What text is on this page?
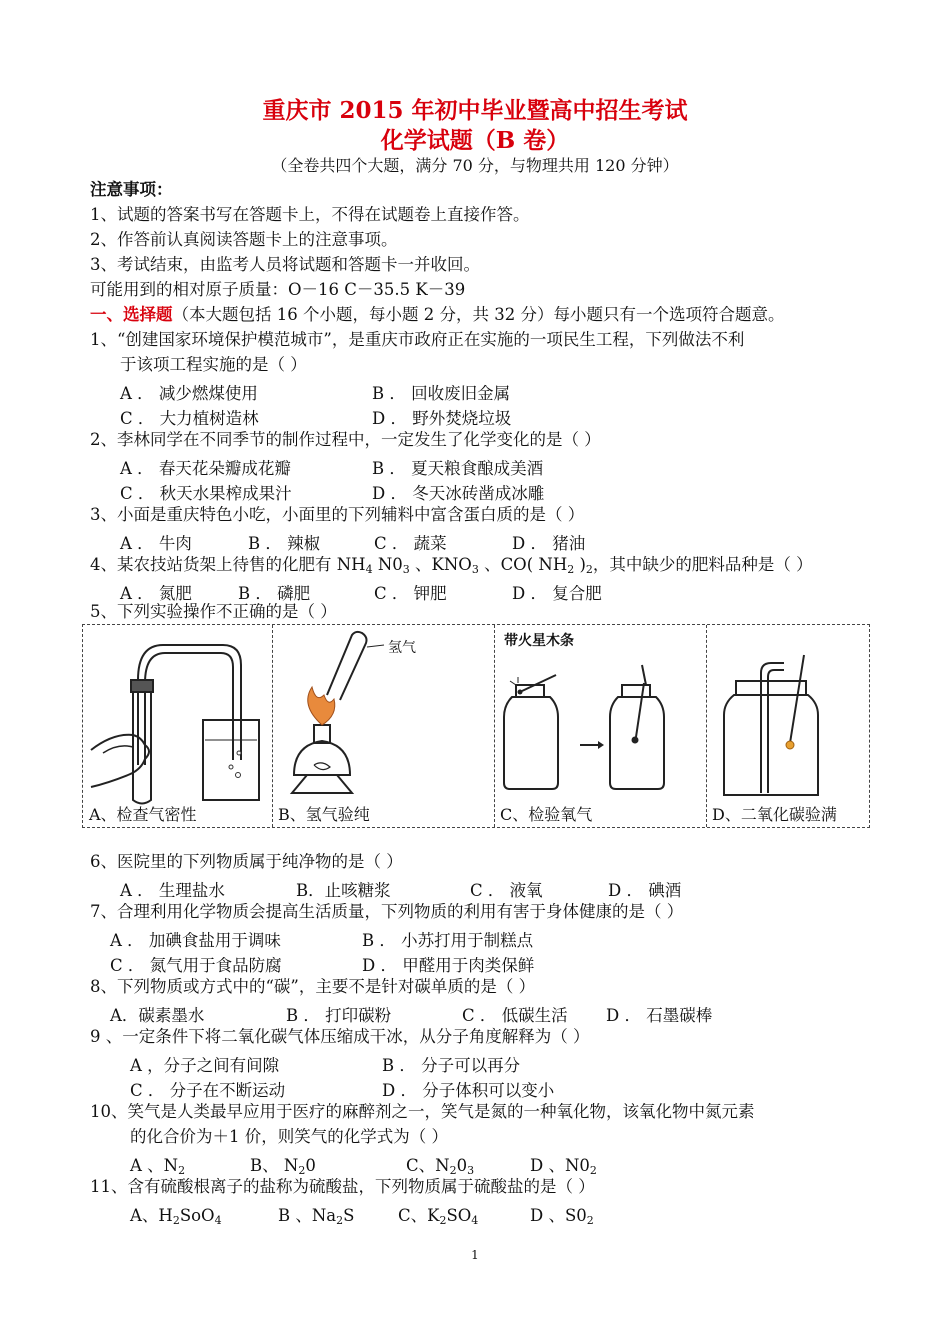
重庆市 2015 年初中毕业暨高中招生考试
化学试题（B 卷）
（全卷共四个大题，满分 70 分，与物理共用 120 分钟）
注意事项：
1、试题的答案书写在答题卡上，不得在试题卷上直接作答。
2、作答前认真阅读答题卡上的注意事项。
3、考试结束，由监考人员将试题和答题卡一并收回。
可能用到的相对原子质量：O－16 C－35.5 K－39
一、选择题（本大题包括 16 个小题，每小题 2 分，共 32 分）每小题只有一个选项符合题意。
1、“创建国家环境保护模范城市”，是重庆市政府正在实施的一项民生工程，下列做法不利
于该项工程实施的是（ ）
A ． 减少燃煤使用	B ． 回收废旧金属
C ． 大力植树造林	D ． 野外焚烧垃圾
2、李林同学在不同季节的制作过程中，一定发生了化学变化的是（ ）
A ． 春天花朵瓣成花瓣	B ． 夏天粮食酿成美酒
C ． 秋天水果榨成果汁	D ． 冬天冰砖凿成冰雕
3、小面是重庆特色小吃，小面里的下列辅料中富含蛋白质的是（ ）
A ． 牛肉	B ． 辣椒	C ． 蔬菜	D ． 猪油
4、某农技站货架上待售的化肥有 $NH_4$ $N0_3$ 、$KNO_3$ 、CO( $NH_2$ )$_2$，其中缺少的肥料品种是（ ）
A ． 氮肥	B ． 磷肥	C ． 钾肥	D ． 复合肥
5、下列实验操作不正确的是（ ）
A、检查气密性
氢气
B、氢气验纯
带火星木条
C、检验氧气	D、二氧化碳验满
6、医院里的下列物质属于纯净物的是（ ）
A ． 生理盐水	B．止咳糖浆	C ． 液氧	D ． 碘酒
7、合理利用化学物质会提高生活质量，下列物质的利用有害于身体健康的是（ ）
A ． 加碘食盐用于调味	B ． 小苏打用于制糕点
C ． 氮气用于食品防腐	D ． 甲醛用于肉类保鲜
8、下列物质或方式中的“碳”，主要不是针对碳单质的是（ ）
A．碳素墨水	B ． 打印碳粉	C ． 低碳生活 D ． 石墨碳棒
9 、一定条件下将二氧化碳气体压缩成干冰，从分子角度解释为（ ）
A ，分子之间有间隙	B ． 分子可以再分
C ． 分子在不断运动	D ． 分子体积可以变小
10、笑气是人类最早应用于医疗的麻醉剂之一，笑气是氮的一种氧化物，该氧化物中氮元素
的化合价为＋1 价，则笑气的化学式为（ ）
A 、$N_2$	B、 $N_20$	C、$N_20_3$	D 、$N0_2$
11、含有硫酸根离子的盐称为硫酸盐，下列物质属于硫酸盐的是（ ）
A、$H_2SoO_4$	B 、$Na_2S$	C、$K_2SO_4$	D 、$S0_2$
1
